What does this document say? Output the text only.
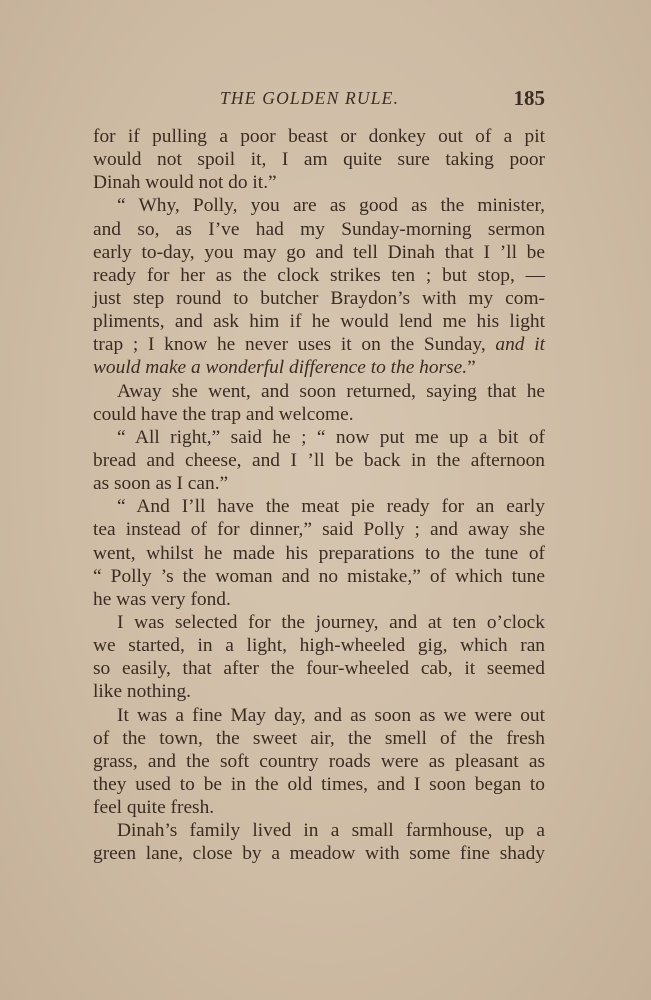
THE GOLDEN RULE.	185
for if pulling a poor beast or donkey out of a pit
would not spoil it, I am quite sure taking poor
Dinah would not do it.”
“ Why, Polly, you are as good as the minister,
and so, as I’ve had my Sunday-morning sermon
early to-day, you may go and tell Dinah that I ’ll be
ready for her as the clock strikes ten ; but stop, —
just step round to butcher Braydon’s with my com-
pliments, and ask him if he would lend me his light
trap ; I know he never uses it on the Sunday, and it
would make a wonderful difference to the horse.”
Away she went, and soon returned, saying that he
could have the trap and welcome.
“ All right,” said he ; “ now put me up a bit of
bread and cheese, and I ’ll be back in the afternoon
as soon as I can.”
“ And I’ll have the meat pie ready for an early
tea instead of for dinner,” said Polly ; and away she
went, whilst he made his preparations to the tune of
“ Polly ’s the woman and no mistake,” of which tune
he was very fond.
I was selected for the journey, and at ten o’clock
we started, in a light, high-wheeled gig, which ran
so easily, that after the four-wheeled cab, it seemed
like nothing.
It was a fine May day, and as soon as we were out
of the town, the sweet air, the smell of the fresh
grass, and the soft country roads were as pleasant as
they used to be in the old times, and I soon began to
feel quite fresh.
Dinah’s family lived in a small farmhouse, up a
green lane, close by a meadow with some fine shady
